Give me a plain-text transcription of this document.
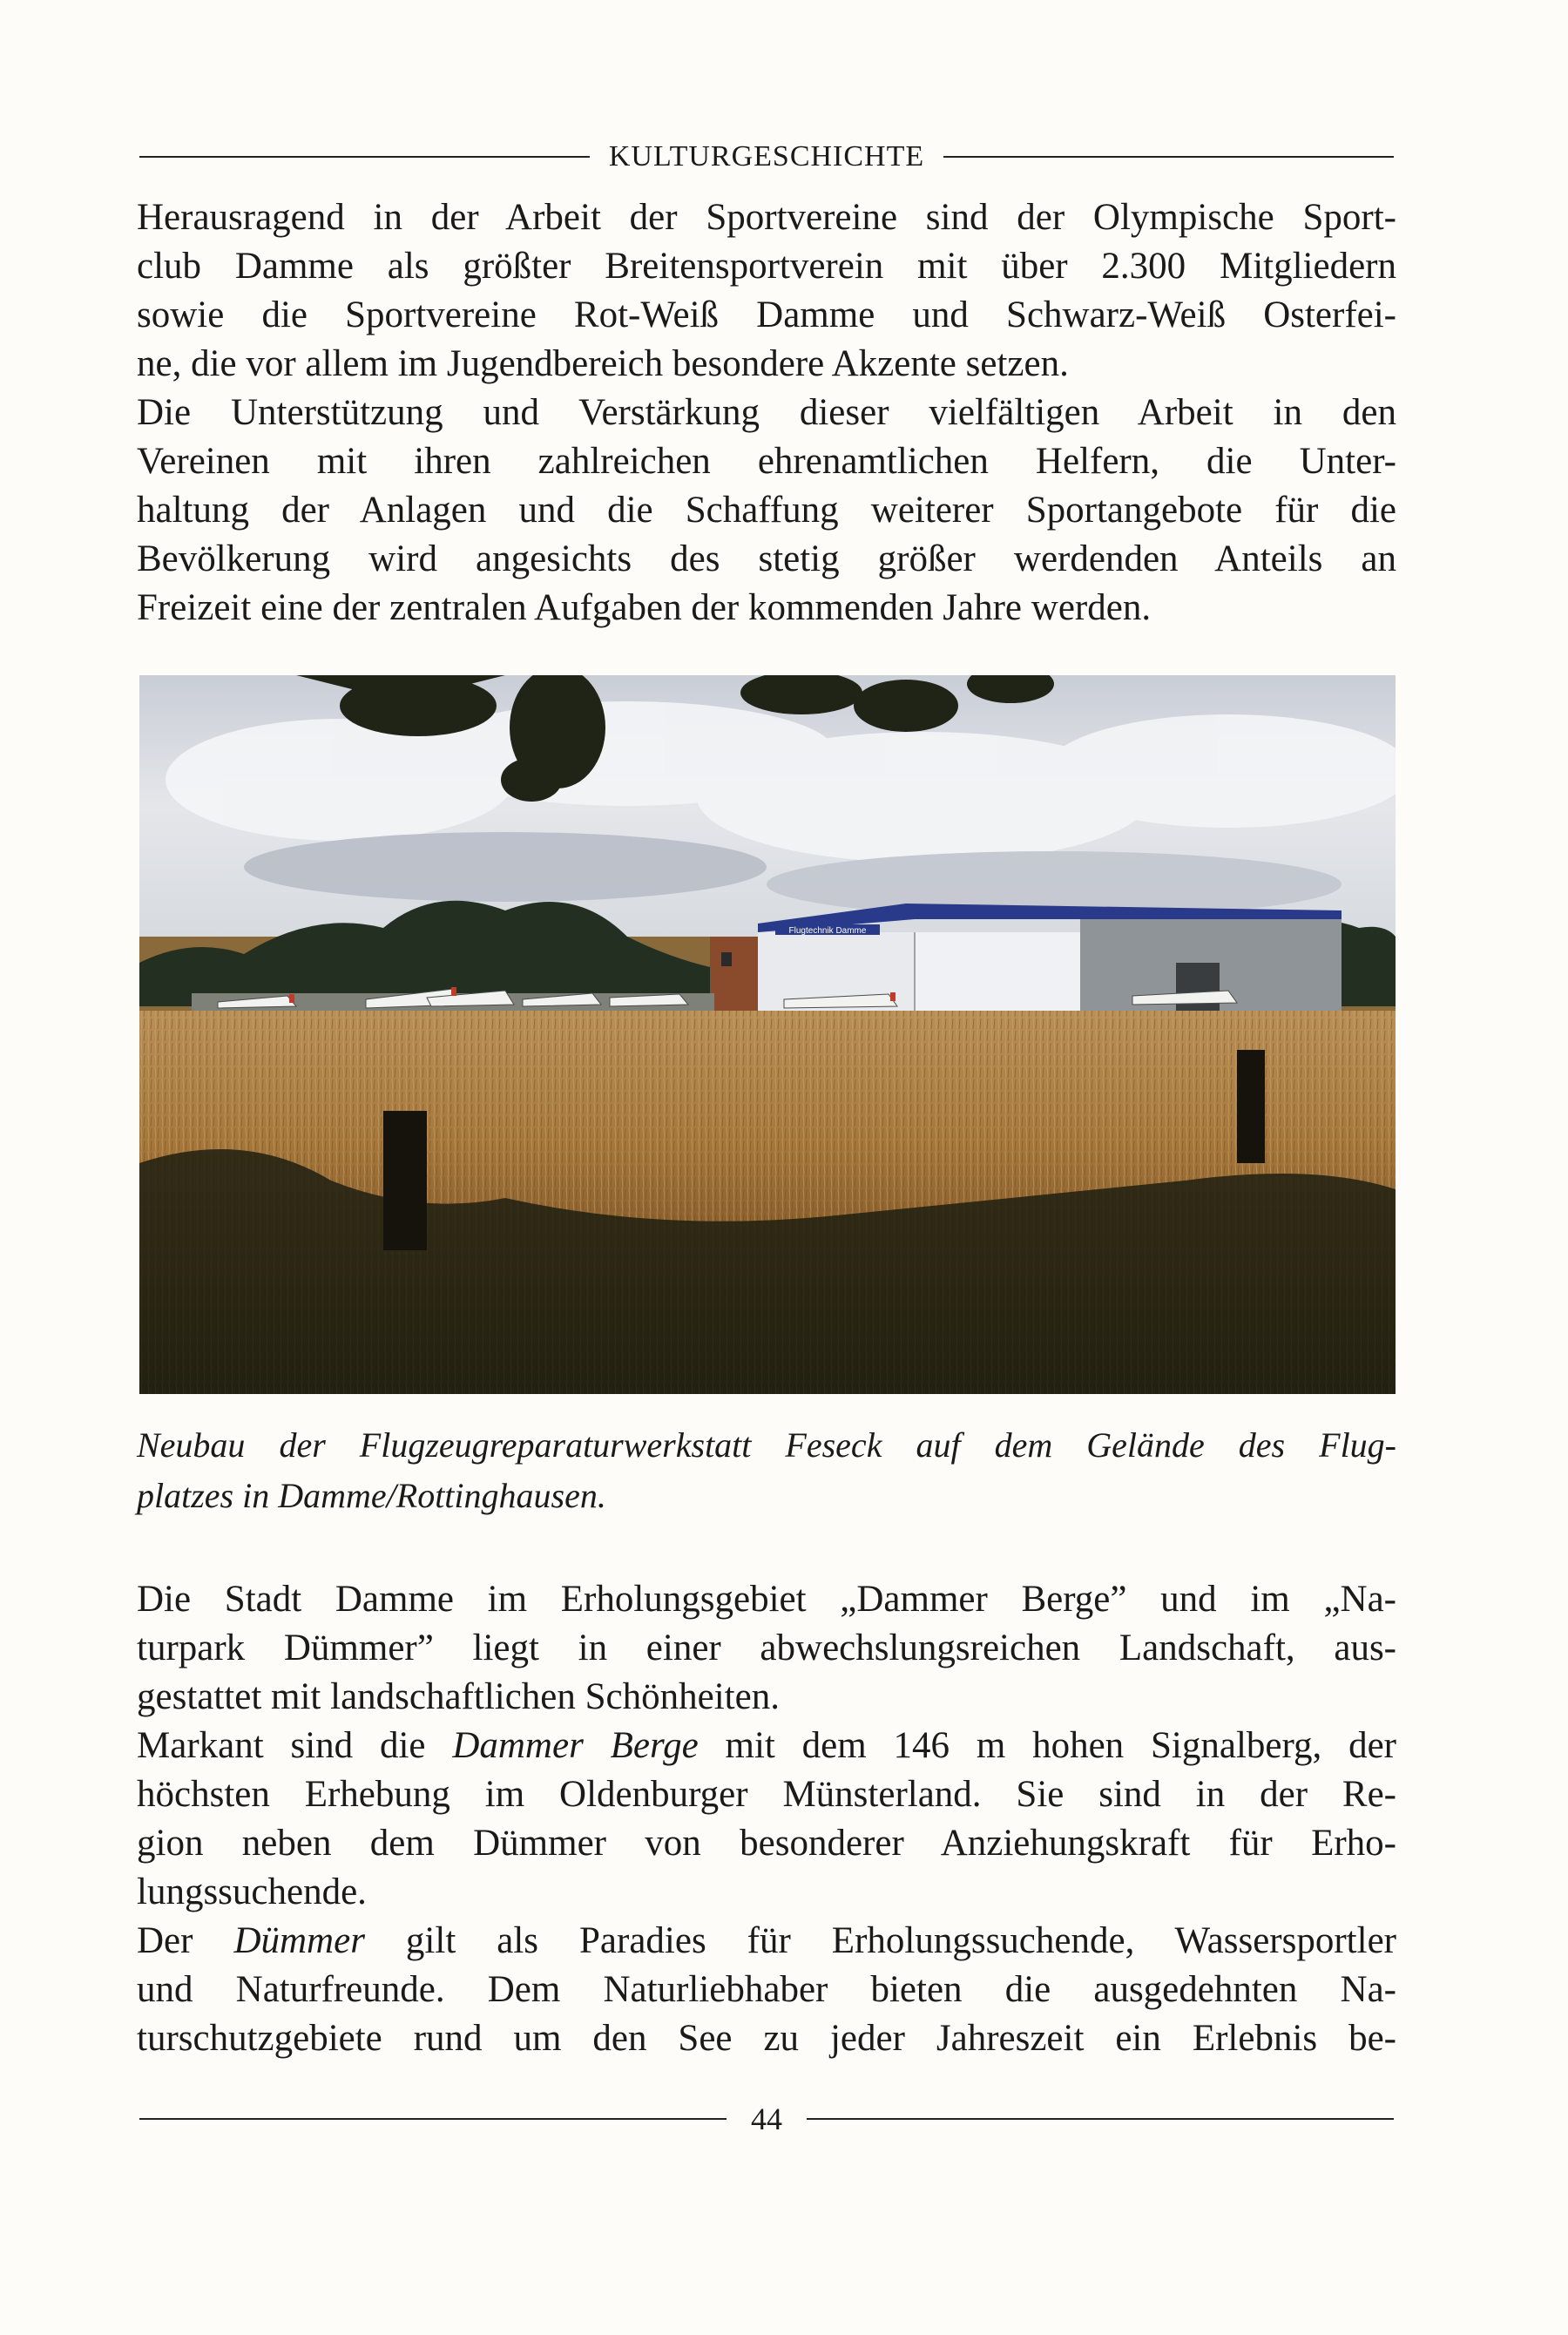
KULTURGESCHICHTE

Herausragend in der Arbeit der Sportvereine sind der Olympische Sport-
club Damme als größter Breitensportverein mit über 2.300 Mitgliedern
sowie die Sportvereine Rot-Weiß Damme und Schwarz-Weiß Osterfei-
ne, die vor allem im Jugendbereich besondere Akzente setzen.

Die Unterstützung und Verstärkung dieser vielfältigen Arbeit in den
Vereinen mit ihren zahlreichen ehrenamtlichen Helfern, die Unter-
haltung der Anlagen und die Schaffung weiterer Sportangebote für die
Bevölkerung wird angesichts des stetig größer werdenden Anteils an
Freizeit eine der zentralen Aufgaben der kommenden Jahre werden.

Flugtechnik Damme
Neubau der Flugzeugreparaturwerkstatt Feseck auf dem Gelände des Flug-
platzes in Damme/Rottinghausen.

Die Stadt Damme im Erholungsgebiet „Dammer Berge” und im „Na-
turpark Dümmer” liegt in einer abwechslungsreichen Landschaft, aus-
gestattet mit landschaftlichen Schönheiten.

Markant sind die Dammer Berge mit dem 146 m hohen Signalberg, der
höchsten Erhebung im Oldenburger Münsterland. Sie sind in der Re-
gion neben dem Dümmer von besonderer Anziehungskraft für Erho-
lungssuchende.

Der Dümmer gilt als Paradies für Erholungssuchende, Wassersportler
und Naturfreunde. Dem Naturliebhaber bieten die ausgedehnten Na-
turschutzgebiete rund um den See zu jeder Jahreszeit ein Erlebnis be-

44
